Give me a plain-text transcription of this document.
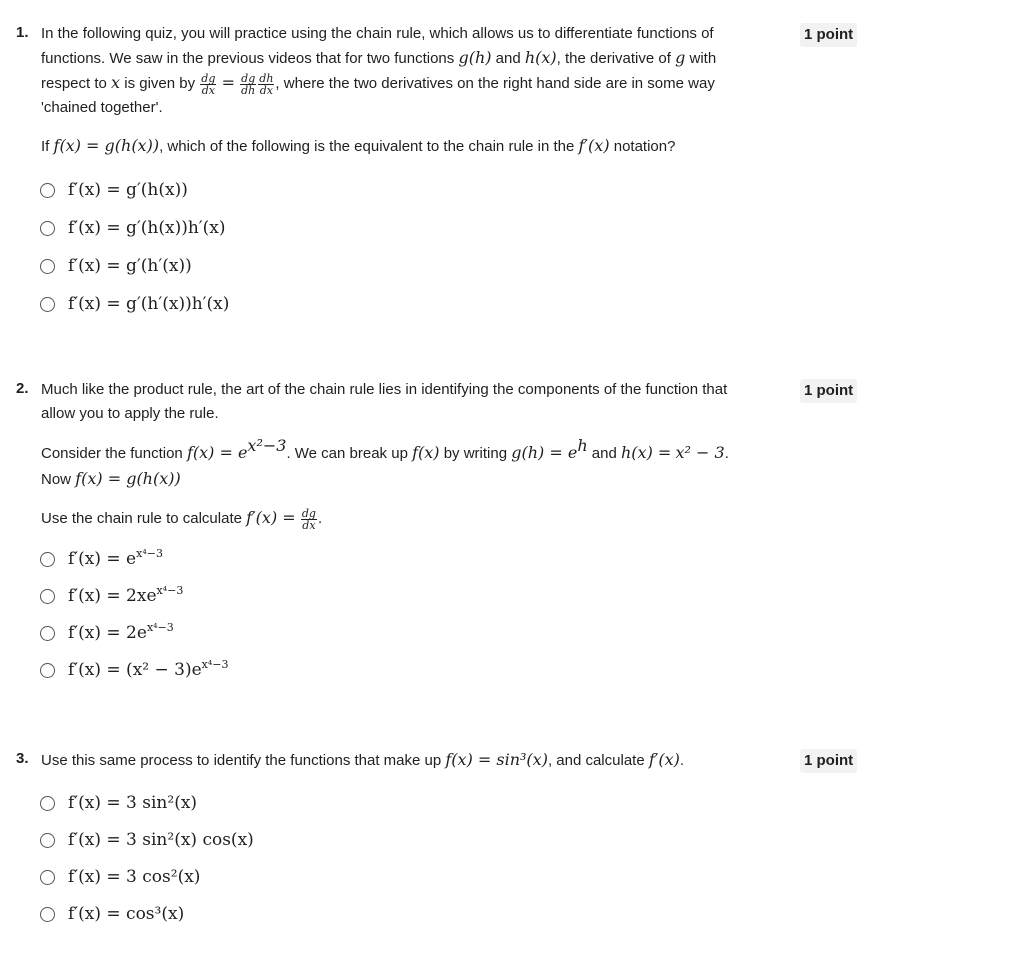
1.	1 point

In the following quiz, you will practice using the chain rule, which allows us to differentiate functions of functions. We saw in the previous videos that for two functions g(h) and h(x), the derivative of g with respect to x is given by $\frac{dg}{dx} = \frac{dg}{dh} \frac{dh}{dx}$ , where the two derivatives on the right hand side are in some way 'chained together'.

If f(x) = g(h(x)), which of the following is the equivalent to the chain rule in the f′(x) notation?

f′(x) = g′(h(x))
f′(x) = g′(h(x))h′(x)
f′(x) = g′(h′(x))
f′(x) = g′(h′(x))h′(x)
2.	1 point

Much like the product rule, the art of the chain rule lies in identifying the components of the function that allow you to apply the rule.

Consider the function $f(x) = e^{x^2-3}$. We can break up f(x) by writing $g(h) = e^h$ and h(x) = x² − 3. Now f(x) = g(h(x))

Use the chain rule to calculate $f'(x) = \frac{dg}{dx}$ .

$f'(x) = e^{x^4-3}$
$f'(x) = 2xe^{x^4-3}$
$f'(x) = 2e^{x^4-3}$
$f'(x) = (x^2 - 3)e^{x^4-3}$
3.	1 point

Use this same process to identify the functions that make up f(x) = sin³(x), and calculate f′(x).

f′(x) = 3 sin²(x)
f′(x) = 3 sin²(x) cos(x)
f′(x) = 3 cos²(x)
f′(x) = cos³(x)
